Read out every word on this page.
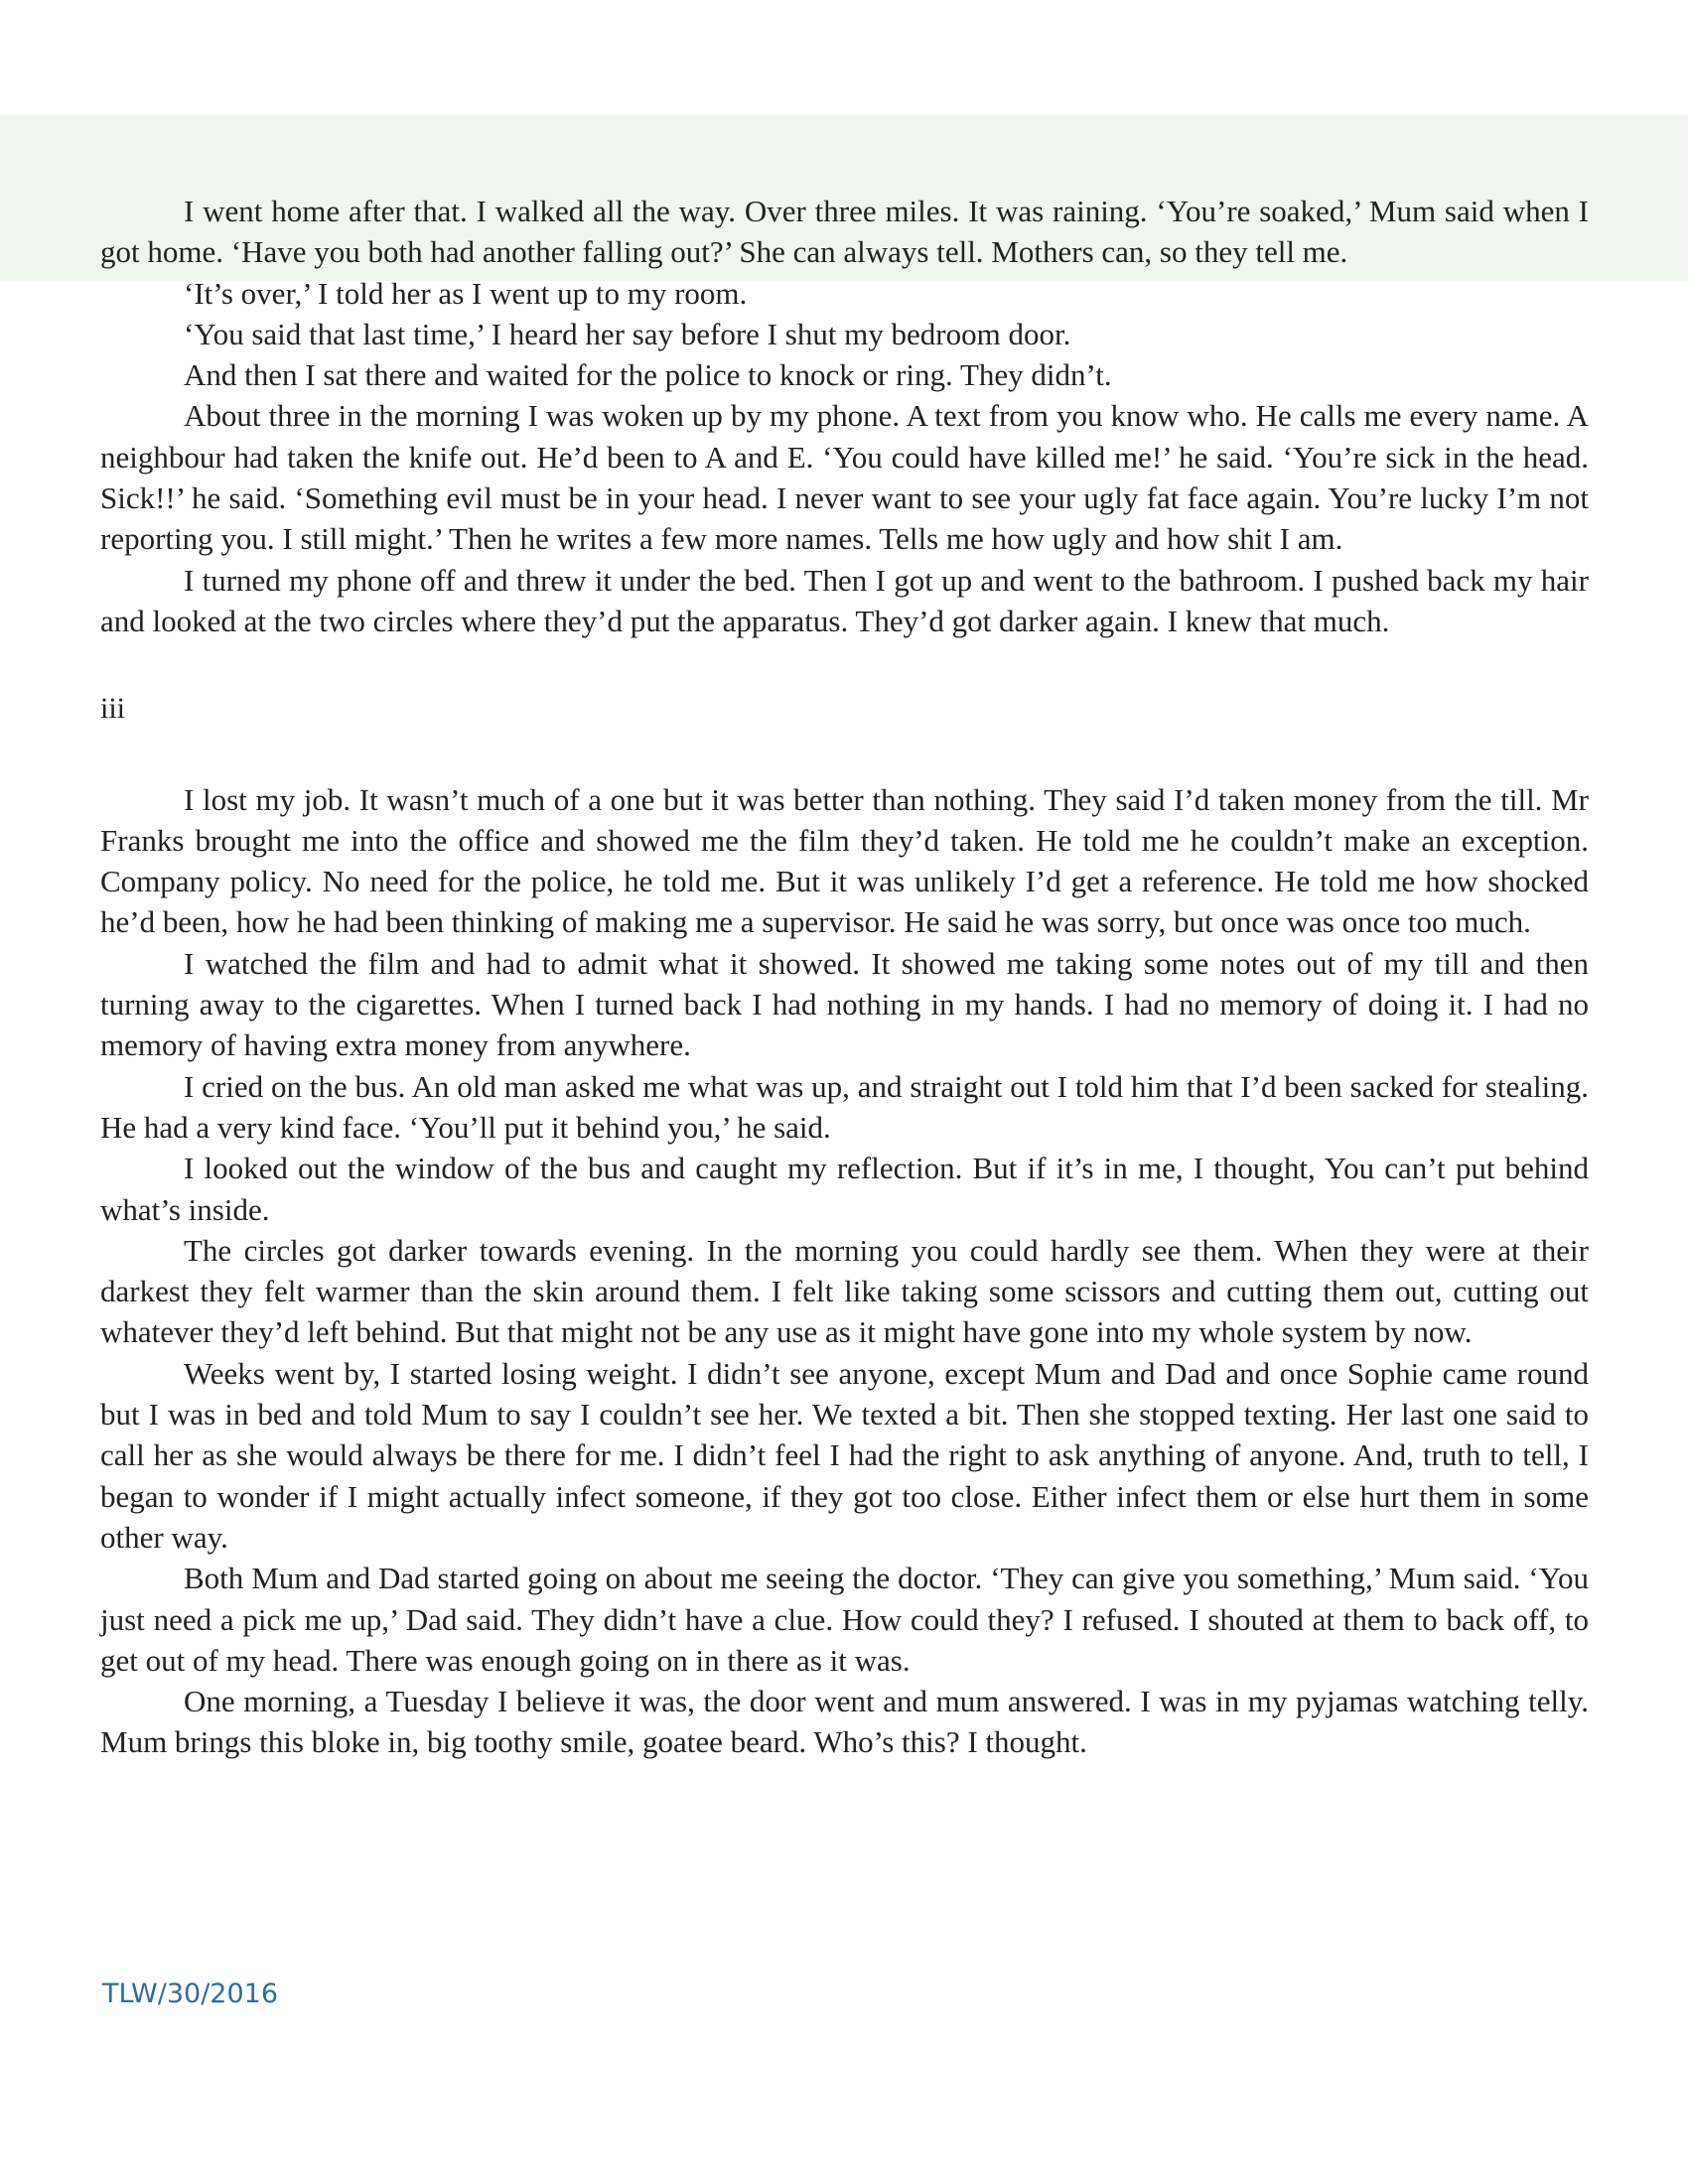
I went home after that. I walked all the way. Over three miles. It was raining. ‘You’re soaked,’ Mum said when I got home. ‘Have you both had another falling out?’ She can always tell. Mothers can, so they tell me.

‘It’s over,’ I told her as I went up to my room.

‘You said that last time,’ I heard her say before I shut my bedroom door.

And then I sat there and waited for the police to knock or ring. They didn’t.

About three in the morning I was woken up by my phone. A text from you know who. He calls me every name. A neighbour had taken the knife out. He’d been to A and E. ‘You could have killed me!’ he said. ‘You’re sick in the head. Sick!!’ he said. ‘Something evil must be in your head. I never want to see your ugly fat face again. You’re lucky I’m not reporting you. I still might.’ Then he writes a few more names. Tells me how ugly and how shit I am.

I turned my phone off and threw it under the bed. Then I got up and went to the bathroom. I pushed back my hair and looked at the two circles where they’d put the apparatus. They’d got darker again. I knew that much.

iii

I lost my job. It wasn’t much of a one but it was better than nothing. They said I’d taken money from the till. Mr Franks brought me into the office and showed me the film they’d taken. He told me he couldn’t make an exception. Company policy. No need for the police, he told me. But it was unlikely I’d get a reference. He told me how shocked he’d been, how he had been thinking of making me a supervisor. He said he was sorry, but once was once too much.

I watched the film and had to admit what it showed. It showed me taking some notes out of my till and then turning away to the cigarettes. When I turned back I had nothing in my hands. I had no memory of doing it. I had no memory of having extra money from anywhere.

I cried on the bus. An old man asked me what was up, and straight out I told him that I’d been sacked for stealing. He had a very kind face. ‘You’ll put it behind you,’ he said.

I looked out the window of the bus and caught my reflection. But if it’s in me, I thought, You can’t put behind what’s inside.

The circles got darker towards evening. In the morning you could hardly see them. When they were at their darkest they felt warmer than the skin around them. I felt like taking some scissors and cutting them out, cutting out whatever they’d left behind. But that might not be any use as it might have gone into my whole system by now.

Weeks went by, I started losing weight. I didn’t see anyone, except Mum and Dad and once Sophie came round but I was in bed and told Mum to say I couldn’t see her. We texted a bit. Then she stopped texting. Her last one said to call her as she would always be there for me. I didn’t feel I had the right to ask anything of anyone. And, truth to tell, I began to wonder if I might actually infect someone, if they got too close. Either infect them or else hurt them in some other way.

Both Mum and Dad started going on about me seeing the doctor. ‘They can give you something,’ Mum said. ‘You just need a pick me up,’ Dad said. They didn’t have a clue. How could they? I refused. I shouted at them to back off, to get out of my head. There was enough going on in there as it was.

One morning, a Tuesday I believe it was, the door went and mum answered. I was in my pyjamas watching telly. Mum brings this bloke in, big toothy smile, goatee beard. Who’s this? I thought.

TLW/30/2016
